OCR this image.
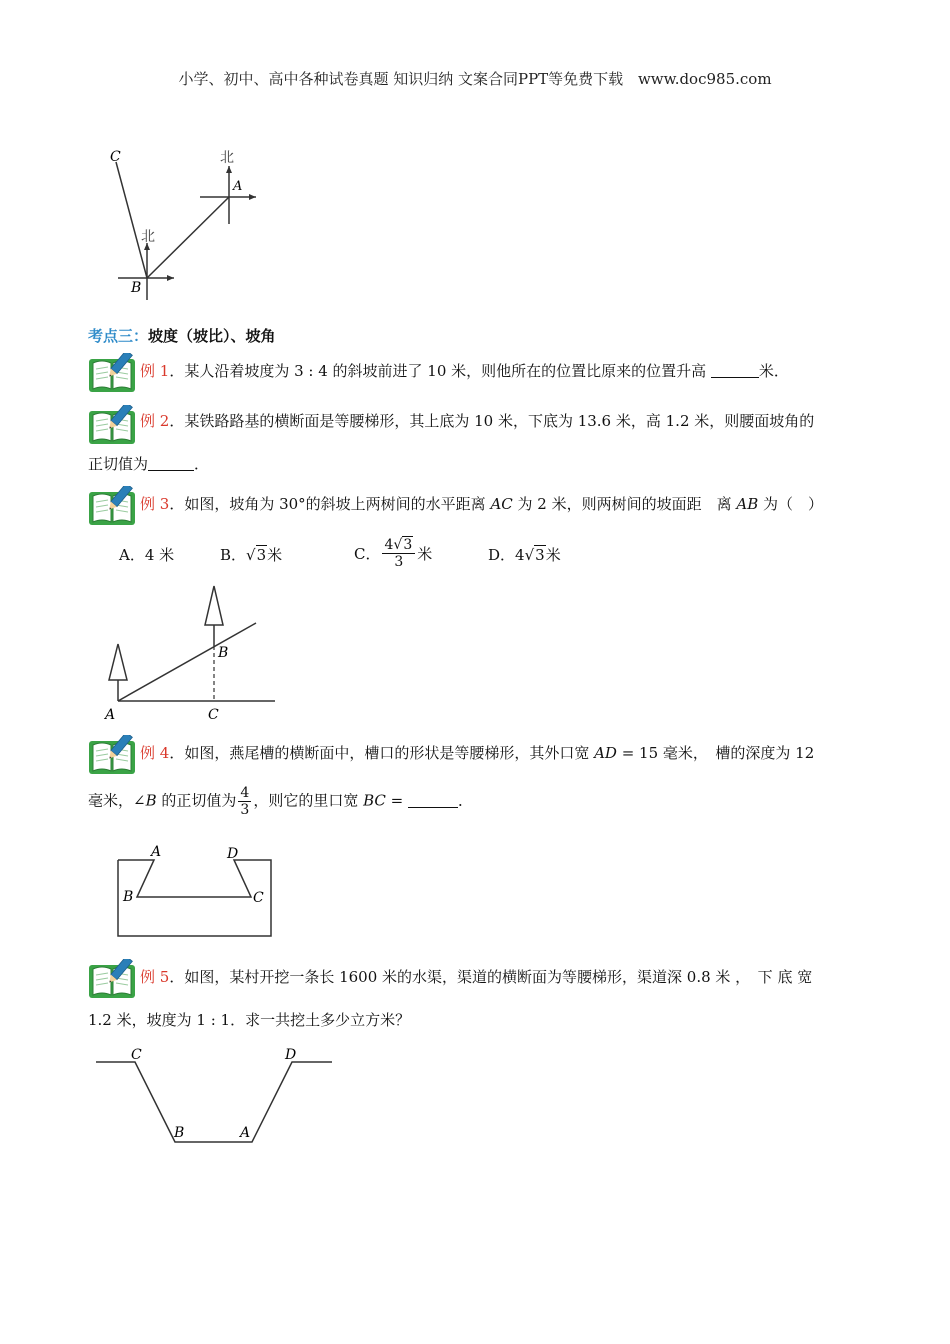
小学、初中、高中各种试卷真题 知识归纳 文案合同PPT等免费下载 www.doc985.com
C
A
B
北
北
考点三：坡度（坡比）、坡角
例 1．某人沿着坡度为 3 : 4 的斜坡前进了 10 米，则他所在的位置比原来的位置升高	米．
例 2．某铁路路基的横断面是等腰梯形，其上底为 10 米，下底为 13.6 米，高 1.2 米，则腰面坡角的
正切值为	．
例 3．如图，坡角为 30°的斜坡上两树间的水平距离 AC 为 2 米，则两树间的坡面距　离 AB 为（　）
A．4 米	B．√3米	C． $\frac{4√3}{3}$ 米	D．4√3米
A
B
C
例 4．如图，燕尾槽的横断面中，槽口的形状是等腰梯形，其外口宽 AD = 15 毫米，　槽的深度为 12
毫米，∠B 的正切值为 $\frac{4}{3}$ ，则它的里口宽 BC =	．
A	D
B	C
例 5．如图，某村开挖一条长 1600 米的水渠，渠道的横断面为等腰梯形，渠道深 0.8 米 ，　下 底 宽
1.2 米，坡度为 1 : 1．求一共挖土多少立方米？
C	D
B	A
